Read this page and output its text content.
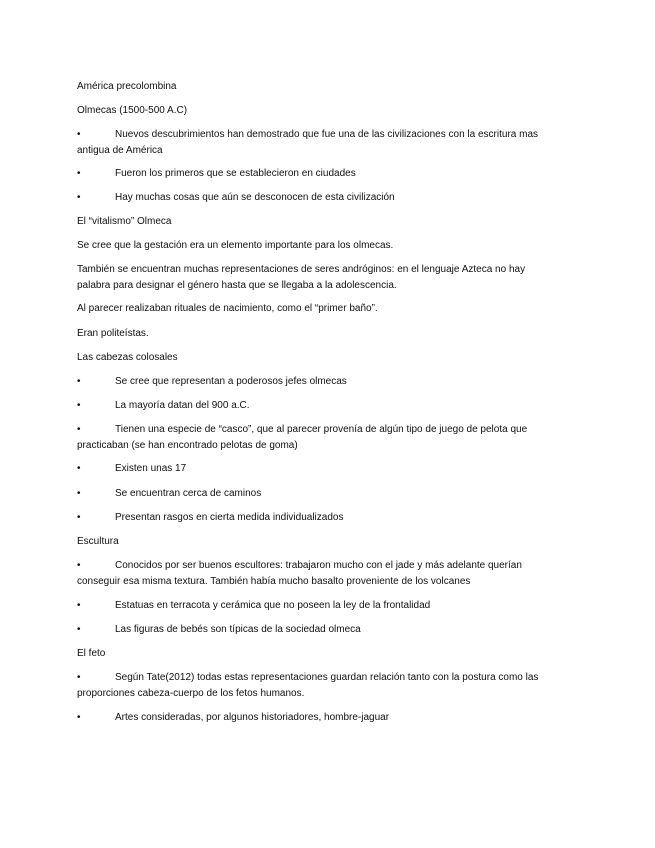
América precolombina
Olmecas (1500-500 A.C)
•	Nuevos descubrimientos han demostrado que fue una de las civilizaciones con la escritura mas
antigua de América
•	Fueron los primeros que se establecieron en ciudades
•	Hay muchas cosas que aún se desconocen de esta civilización
El “vitalismo” Olmeca
Se cree que la gestación era un elemento importante para los olmecas.
También se encuentran muchas representaciones de seres andróginos: en el lenguaje Azteca no hay
palabra para designar el género hasta que se llegaba a la adolescencia.
Al parecer realizaban rituales de nacimiento, como el “primer baño”.
Eran politeístas.
Las cabezas colosales
•	Se cree que representan a poderosos jefes olmecas
•	La mayoría datan del 900 a.C.
•	Tienen una especie de “casco”, que al parecer provenía de algún tipo de juego de pelota que
practicaban (se han encontrado pelotas de goma)
•	Existen unas 17
•	Se encuentran cerca de caminos
•	Presentan rasgos en cierta medida individualizados
Escultura
•	Conocidos por ser buenos escultores: trabajaron mucho con el jade y más adelante querían
conseguir esa misma textura. También había mucho basalto proveniente de los volcanes
•	Estatuas en terracota y cerámica que no poseen la ley de la frontalidad
•	Las figuras de bebés son típicas de la sociedad olmeca
El feto
•	Según Tate(2012) todas estas representaciones guardan relación tanto con la postura como las
proporciones cabeza-cuerpo de los fetos humanos.
•	Artes consideradas, por algunos historiadores, hombre-jaguar
